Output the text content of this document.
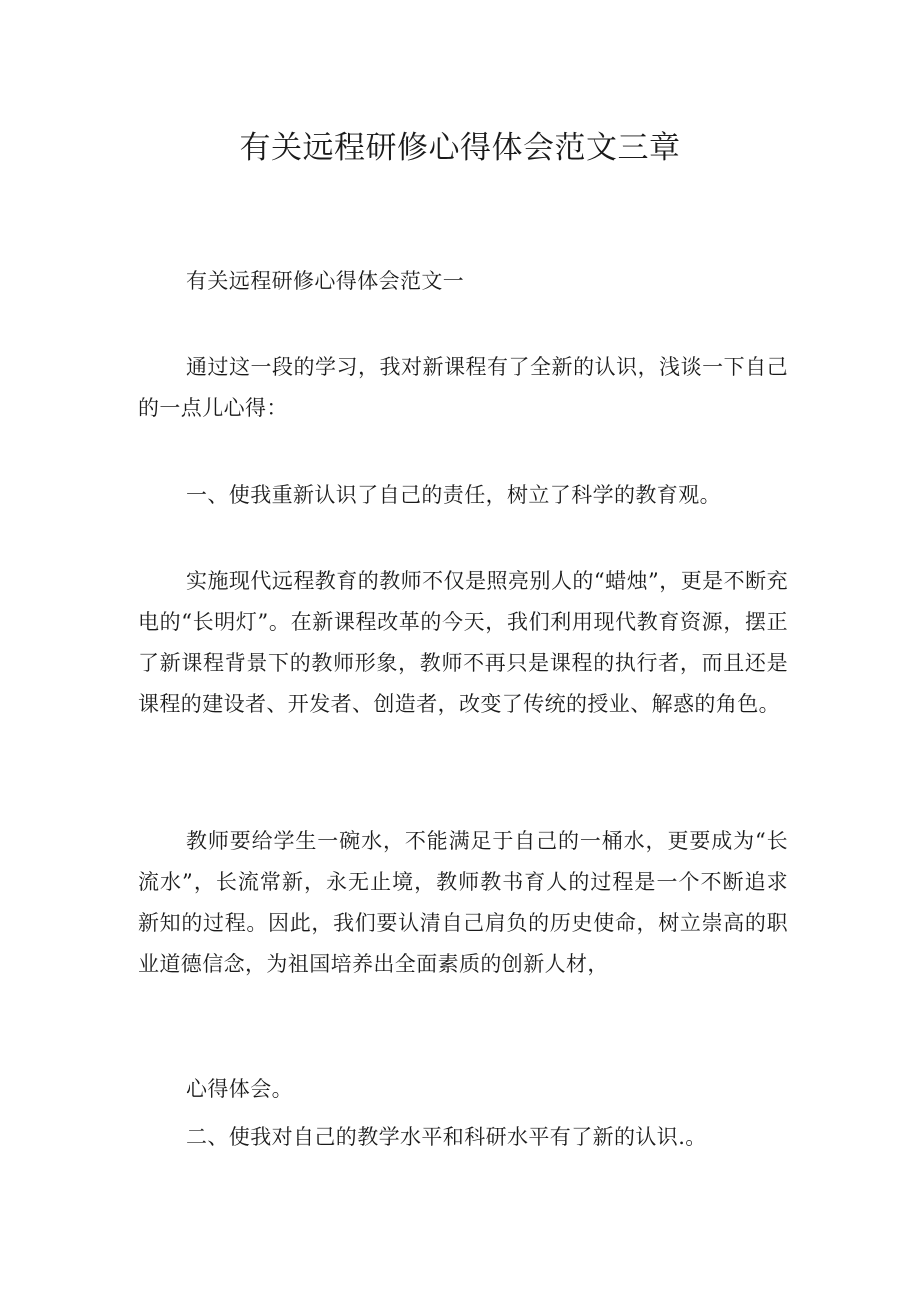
有关远程研修心得体会范文三章

有关远程研修心得体会范文一

通过这一段的学习，我对新课程有了全新的认识，浅谈一下自己的一点儿心得：

一、使我重新认识了自己的责任，树立了科学的教育观。

实施现代远程教育的教师不仅是照亮别人的“蜡烛”，更是不断充电的“长明灯”。在新课程改革的今天，我们利用现代教育资源，摆正了新课程背景下的教师形象，教师不再只是课程的执行者，而且还是课程的建设者、开发者、创造者，改变了传统的授业、解惑的角色。

教师要给学生一碗水，不能满足于自己的一桶水，更要成为“长流水”，长流常新，永无止境，教师教书育人的过程是一个不断追求新知的过程。因此，我们要认清自己肩负的历史使命，树立崇高的职业道德信念，为祖国培养出全面素质的创新人材，

心得体会。

二、使我对自己的教学水平和科研水平有了新的认识.。
